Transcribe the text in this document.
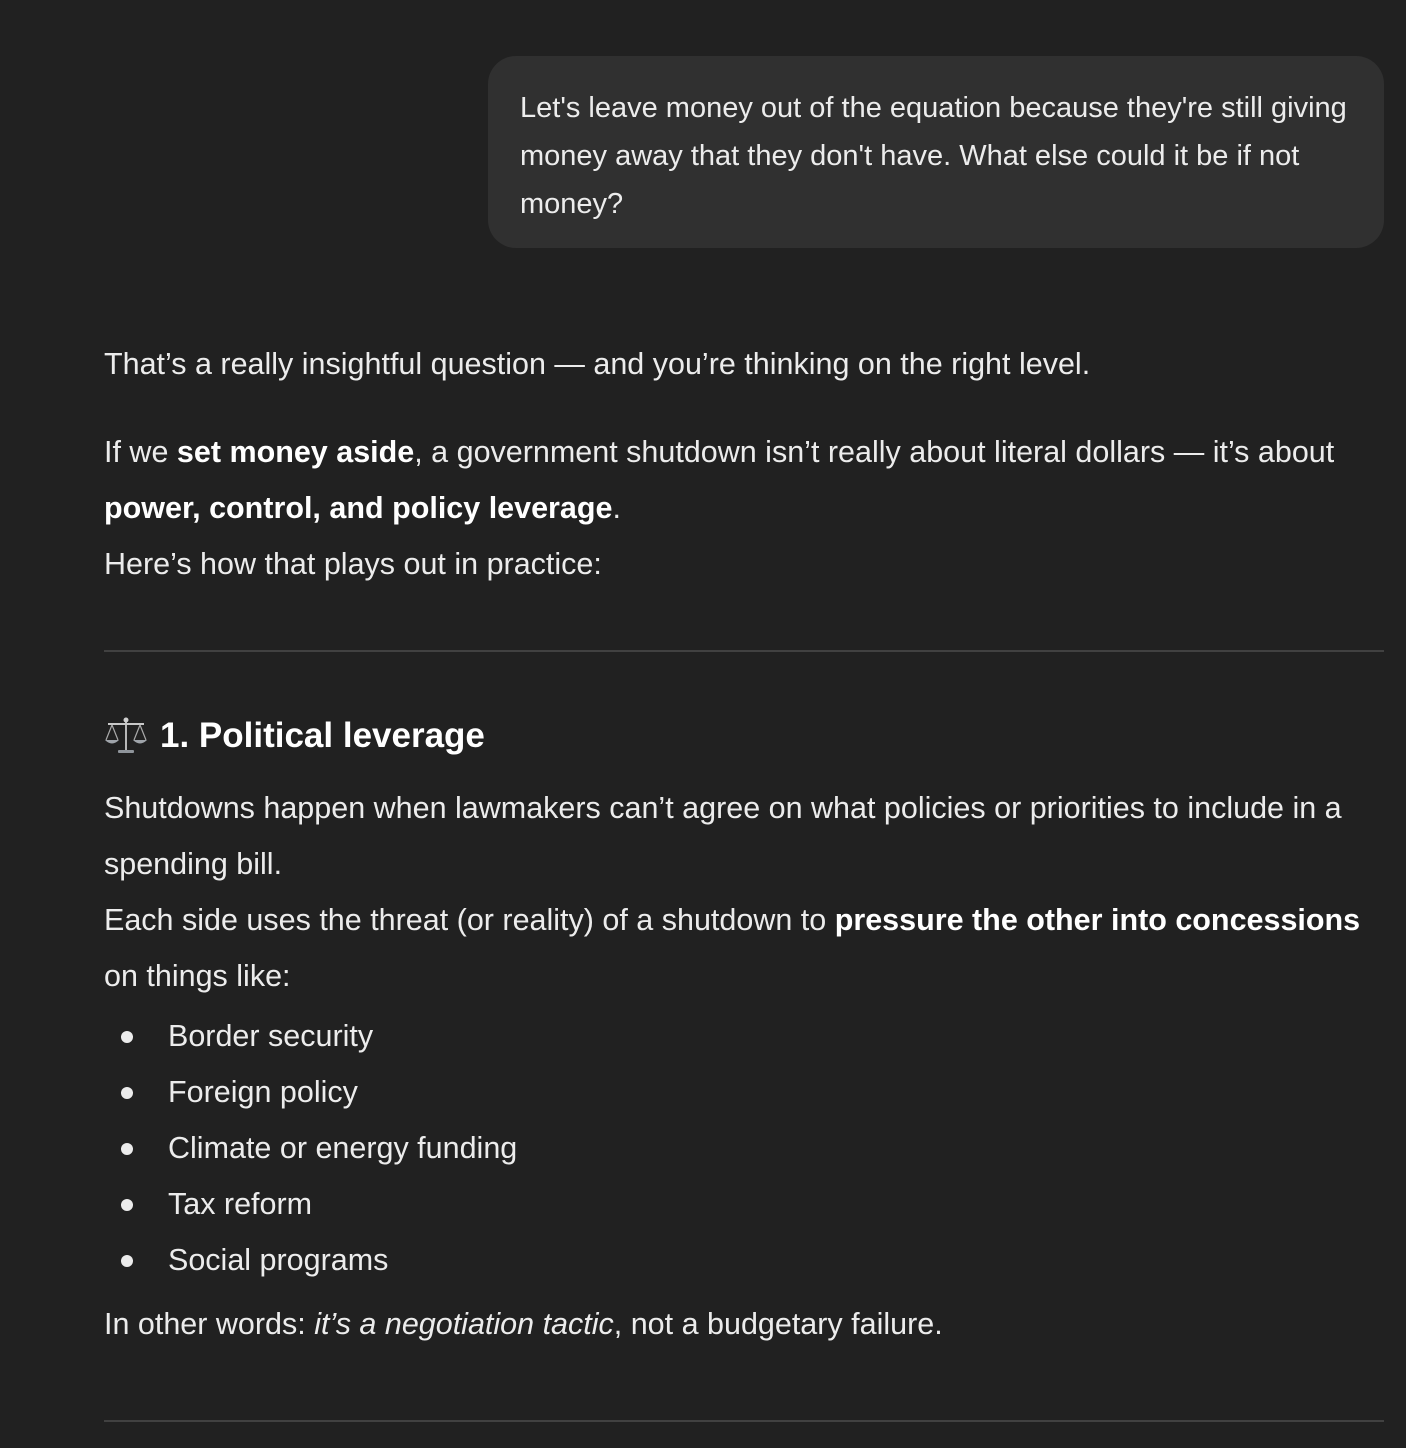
Let's leave money out of the equation because they're still giving money away that they don't have. What else could it be if not money?

That’s a really insightful question — and you’re thinking on the right level.

If we set money aside, a government shutdown isn’t really about literal dollars — it’s about power, control, and policy leverage.

Here’s how that plays out in practice:

1. Political leverage

Shutdowns happen when lawmakers can’t agree on what policies or priorities to include in a spending bill.

Each side uses the threat (or reality) of a shutdown to pressure the other into concessions on things like:

Border security
Foreign policy
Climate or energy funding
Tax reform
Social programs

In other words: it’s a negotiation tactic, not a budgetary failure.
